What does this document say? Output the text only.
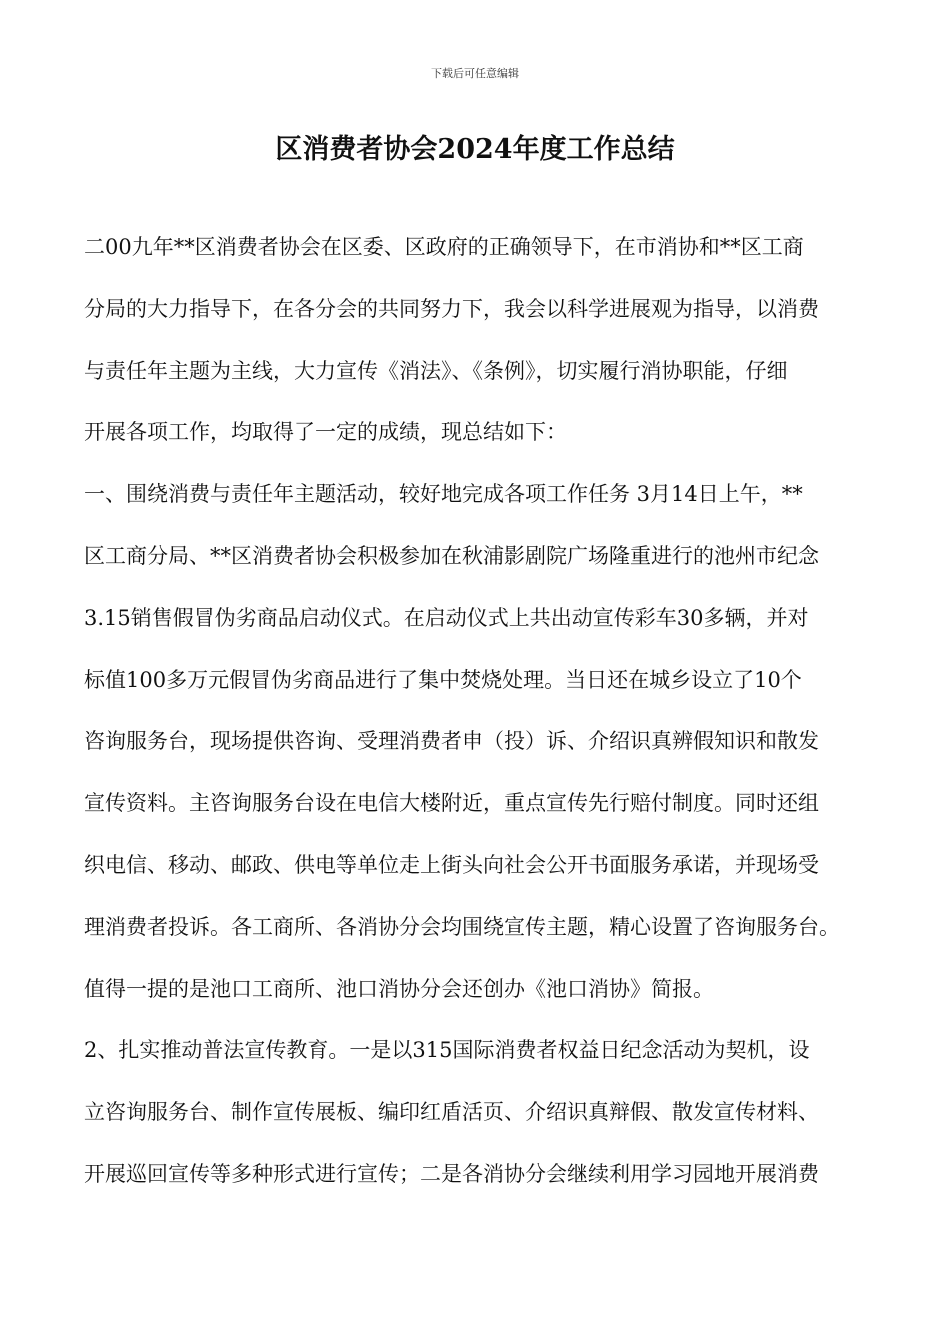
下载后可任意编辑
区消费者协会2024年度工作总结

二00九年**区消费者协会在区委、区政府的正确领导下，在市消协和**区工商

分局的大力指导下，在各分会的共同努力下，我会以科学进展观为指导，以消费

与责任年主题为主线，大力宣传《消法》、《条例》，切实履行消协职能，仔细

开展各项工作，均取得了一定的成绩，现总结如下：

一、围绕消费与责任年主题活动，较好地完成各项工作任务 3月14日上午，**

区工商分局、**区消费者协会积极参加在秋浦影剧院广场隆重进行的池州市纪念

3.15销售假冒伪劣商品启动仪式。在启动仪式上共出动宣传彩车30多辆，并对

标值100多万元假冒伪劣商品进行了集中焚烧处理。当日还在城乡设立了10个

咨询服务台，现场提供咨询、受理消费者申（投）诉、介绍识真辨假知识和散发

宣传资料。主咨询服务台设在电信大楼附近，重点宣传先行赔付制度。同时还组

织电信、移动、邮政、供电等单位走上街头向社会公开书面服务承诺，并现场受

理消费者投诉。各工商所、各消协分会均围绕宣传主题，精心设置了咨询服务台。

值得一提的是池口工商所、池口消协分会还创办《池口消协》简报。

2、扎实推动普法宣传教育。一是以315国际消费者权益日纪念活动为契机，设

立咨询服务台、制作宣传展板、编印红盾活页、介绍识真辩假、散发宣传材料、

开展巡回宣传等多种形式进行宣传；二是各消协分会继续利用学习园地开展消费
